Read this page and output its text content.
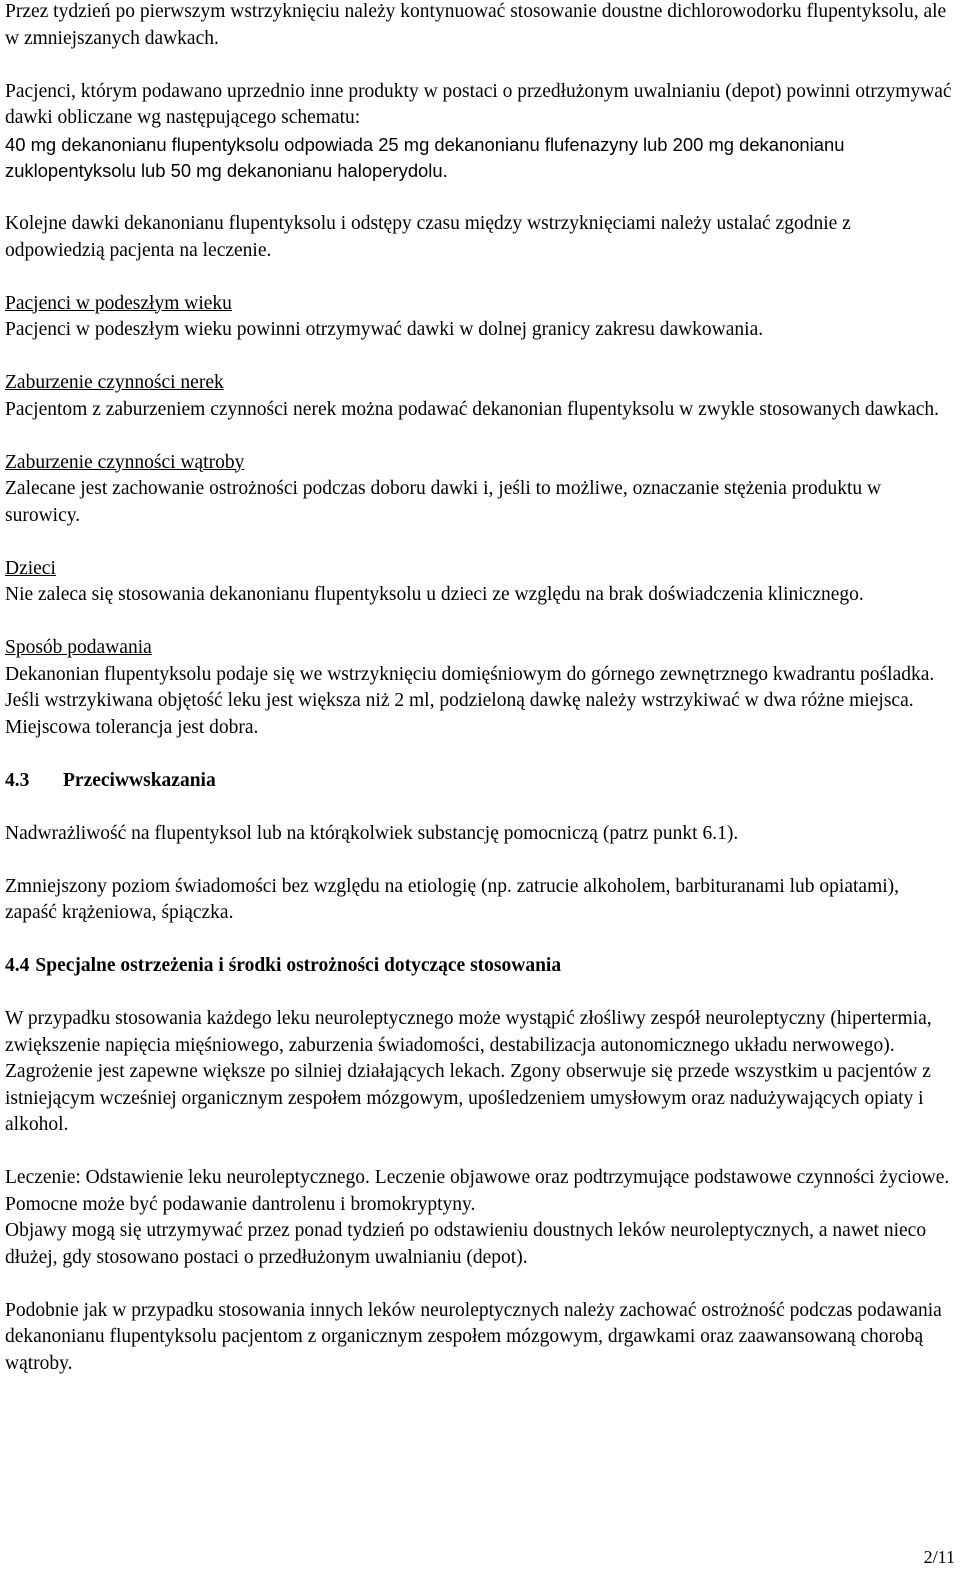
Przez tydzień po pierwszym wstrzyknięciu należy kontynuować stosowanie doustne dichlorowodorku flupentyksolu, ale w zmniejszanych dawkach.

Pacjenci, którym podawano uprzednio inne produkty w postaci o przedłużonym uwalnianiu (depot) powinni otrzymywać dawki obliczane wg następującego schematu:
40 mg dekanonianu flupentyksolu odpowiada 25 mg dekanonianu flufenazyny lub 200 mg dekanonianu zuklopentyksolu lub 50 mg dekanonianu haloperydolu.

Kolejne dawki dekanonianu flupentyksolu i odstępy czasu między wstrzyknięciami należy ustalać zgodnie z odpowiedzią pacjenta na leczenie.

Pacjenci w podeszłym wieku
Pacjenci w podeszłym wieku powinni otrzymywać dawki w dolnej granicy zakresu dawkowania.
Zaburzenie czynności nerek
Pacjentom z zaburzeniem czynności nerek można podawać dekanonian flupentyksolu w zwykle stosowanych dawkach.
Zaburzenie czynności wątroby
Zalecane jest zachowanie ostrożności podczas doboru dawki i, jeśli to możliwe, oznaczanie stężenia produktu w surowicy.
Dzieci
Nie zaleca się stosowania dekanonianu flupentyksolu u dzieci ze względu na brak doświadczenia klinicznego.
Sposób podawania
Dekanonian flupentyksolu podaje się we wstrzyknięciu domięśniowym do górnego zewnętrznego kwadrantu pośladka. Jeśli wstrzykiwana objętość leku jest większa niż 2 ml, podzieloną dawkę należy wstrzykiwać w dwa różne miejsca. Miejscowa tolerancja jest dobra.
4.3 Przeciwwskazania

Nadwrażliwość na flupentyksol lub na którąkolwiek substancję pomocniczą (patrz punkt 6.1).

Zmniejszony poziom świadomości bez względu na etiologię (np. zatrucie alkoholem, barbituranami lub opiatami), zapaść krążeniowa, śpiączka.

4.4 Specjalne ostrzeżenia i środki ostrożności dotyczące stosowania

W przypadku stosowania każdego leku neuroleptycznego może wystąpić złośliwy zespół neuroleptyczny (hipertermia, zwiększenie napięcia mięśniowego, zaburzenia świadomości, destabilizacja autonomicznego układu nerwowego). Zagrożenie jest zapewne większe po silniej działających lekach. Zgony obserwuje się przede wszystkim u pacjentów z istniejącym wcześniej organicznym zespołem mózgowym, upośledzeniem umysłowym oraz nadużywających opiaty i alkohol.

Leczenie: Odstawienie leku neuroleptycznego. Leczenie objawowe oraz podtrzymujące podstawowe czynności życiowe.
Pomocne może być podawanie dantrolenu i bromokryptyny.
Objawy mogą się utrzymywać przez ponad tydzień po odstawieniu doustnych leków neuroleptycznych, a nawet nieco dłużej, gdy stosowano postaci o przedłużonym uwalnianiu (depot).

Podobnie jak w przypadku stosowania innych leków neuroleptycznych należy zachować ostrożność podczas podawania dekanonianu flupentyksolu pacjentom z organicznym zespołem mózgowym, drgawkami oraz zaawansowaną chorobą wątroby.

2/11
